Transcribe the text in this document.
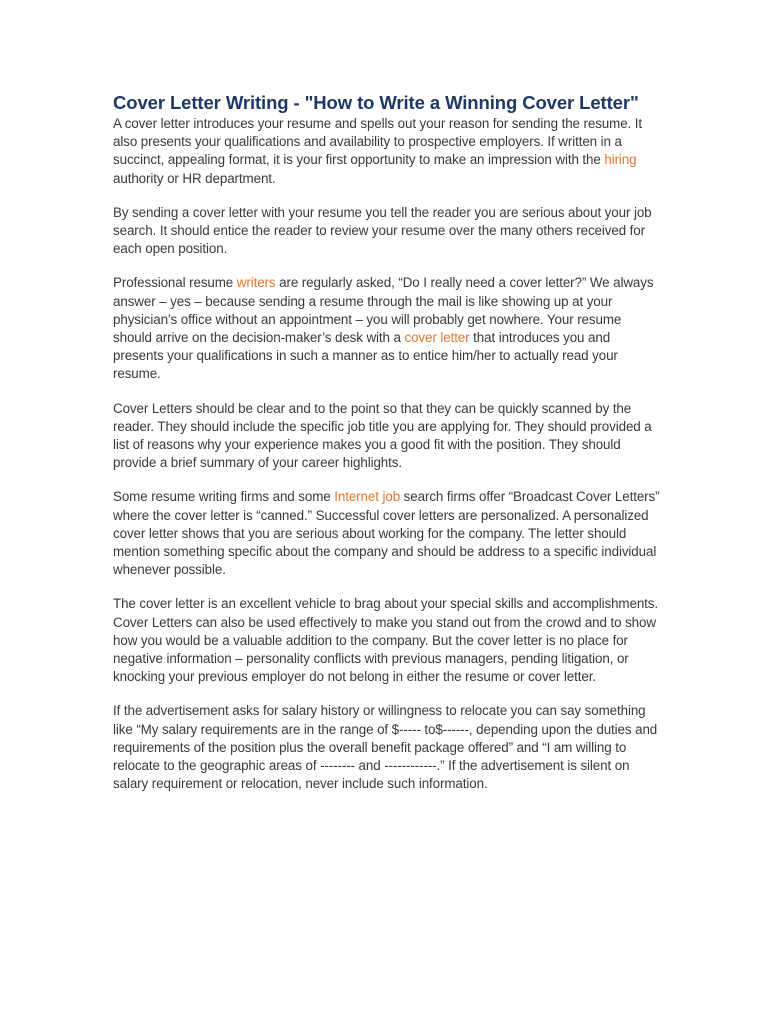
Cover Letter Writing - "How to Write a Winning Cover Letter"

A cover letter introduces your resume and spells out your reason for sending the resume. It also presents your qualifications and availability to prospective employers. If written in a succinct, appealing format, it is your first opportunity to make an impression with the hiring authority or HR department.

By sending a cover letter with your resume you tell the reader you are serious about your job search. It should entice the reader to review your resume over the many others received for each open position.

Professional resume writers are regularly asked, “Do I really need a cover letter?” We always answer – yes – because sending a resume through the mail is like showing up at your physician’s office without an appointment – you will probably get nowhere. Your resume should arrive on the decision-maker’s desk with a cover letter that introduces you and presents your qualifications in such a manner as to entice him/her to actually read your resume.

Cover Letters should be clear and to the point so that they can be quickly scanned by the reader. They should include the specific job title you are applying for. They should provided a list of reasons why your experience makes you a good fit with the position. They should provide a brief summary of your career highlights.

Some resume writing firms and some Internet job search firms offer “Broadcast Cover Letters” where the cover letter is “canned.” Successful cover letters are personalized. A personalized cover letter shows that you are serious about working for the company. The letter should mention something specific about the company and should be address to a specific individual whenever possible.

The cover letter is an excellent vehicle to brag about your special skills and accomplishments. Cover Letters can also be used effectively to make you stand out from the crowd and to show how you would be a valuable addition to the company. But the cover letter is no place for negative information – personality conflicts with previous managers, pending litigation, or knocking your previous employer do not belong in either the resume or cover letter.

If the advertisement asks for salary history or willingness to relocate you can say something like “My salary requirements are in the range of $----- to$------, depending upon the duties and requirements of the position plus the overall benefit package offered” and “I am willing to relocate to the geographic areas of -------- and ------------.” If the advertisement is silent on salary requirement or relocation, never include such information.
